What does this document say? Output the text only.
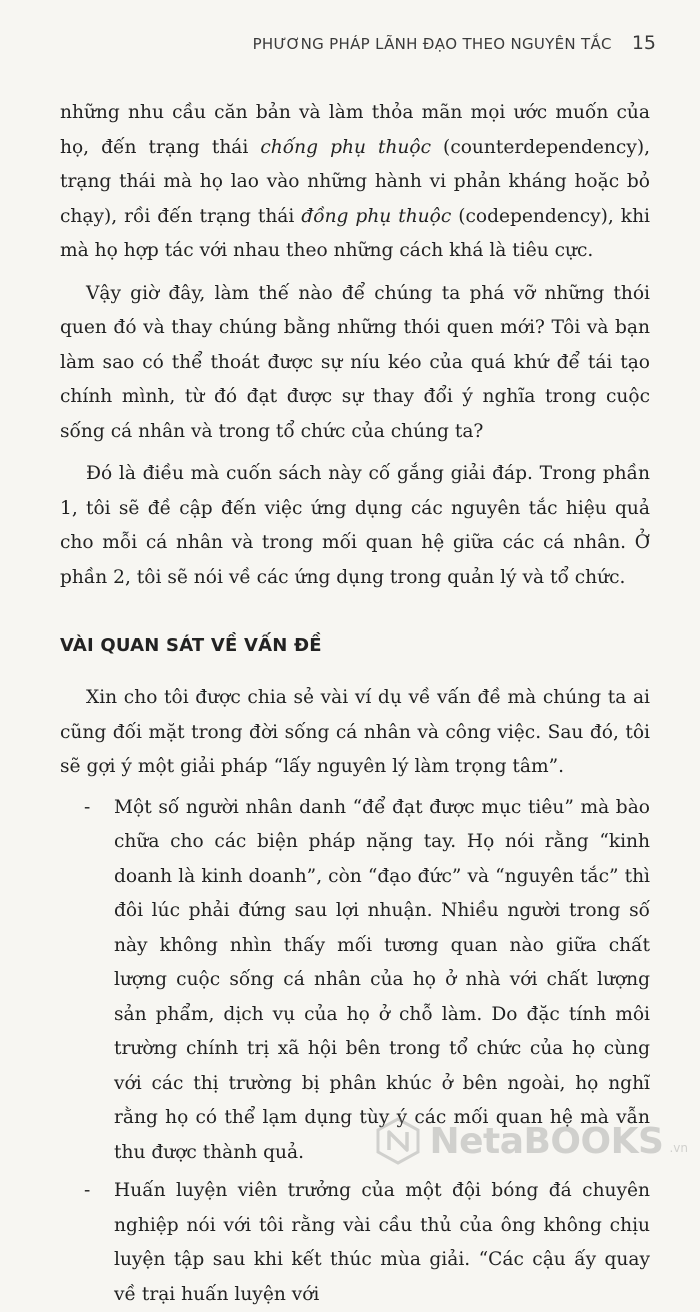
PHƯƠNG PHÁP LÃNH ĐẠO THEO NGUYÊN TẮC 15

những nhu cầu căn bản và làm thỏa mãn mọi ước muốn của họ, đến trạng thái chống phụ thuộc (counterdependency), trạng thái mà họ lao vào những hành vi phản kháng hoặc bỏ chạy), rồi đến trạng thái đồng phụ thuộc (codependency), khi mà họ hợp tác với nhau theo những cách khá là tiêu cực.

Vậy giờ đây, làm thế nào để chúng ta phá vỡ những thói quen đó và thay chúng bằng những thói quen mới? Tôi và bạn làm sao có thể thoát được sự níu kéo của quá khứ để tái tạo chính mình, từ đó đạt được sự thay đổi ý nghĩa trong cuộc sống cá nhân và trong tổ chức của chúng ta?

Đó là điều mà cuốn sách này cố gắng giải đáp. Trong phần 1, tôi sẽ đề cập đến việc ứng dụng các nguyên tắc hiệu quả cho mỗi cá nhân và trong mối quan hệ giữa các cá nhân. Ở phần 2, tôi sẽ nói về các ứng dụng trong quản lý và tổ chức.

VÀI QUAN SÁT VỀ VẤN ĐỀ

Xin cho tôi được chia sẻ vài ví dụ về vấn đề mà chúng ta ai cũng đối mặt trong đời sống cá nhân và công việc. Sau đó, tôi sẽ gợi ý một giải pháp “lấy nguyên lý làm trọng tâm”.

-	Một số người nhân danh “để đạt được mục tiêu” mà bào chữa cho các biện pháp nặng tay. Họ nói rằng “kinh doanh là kinh doanh”, còn “đạo đức” và “nguyên tắc” thì đôi lúc phải đứng sau lợi nhuận. Nhiều người trong số này không nhìn thấy mối tương quan nào giữa chất lượng cuộc sống cá nhân của họ ở nhà với chất lượng sản phẩm, dịch vụ của họ ở chỗ làm. Do đặc tính môi trường chính trị xã hội bên trong tổ chức của họ cùng với các thị trường bị phân khúc ở bên ngoài, họ nghĩ rằng họ có thể lạm dụng tùy ý các mối quan hệ mà vẫn thu được thành quả.
-	Huấn luyện viên trưởng của một đội bóng đá chuyên nghiệp nói với tôi rằng vài cầu thủ của ông không chịu luyện tập sau khi kết thúc mùa giải. “Các cậu ấy quay về trại huấn luyện với
NetaBOOKS .vn
